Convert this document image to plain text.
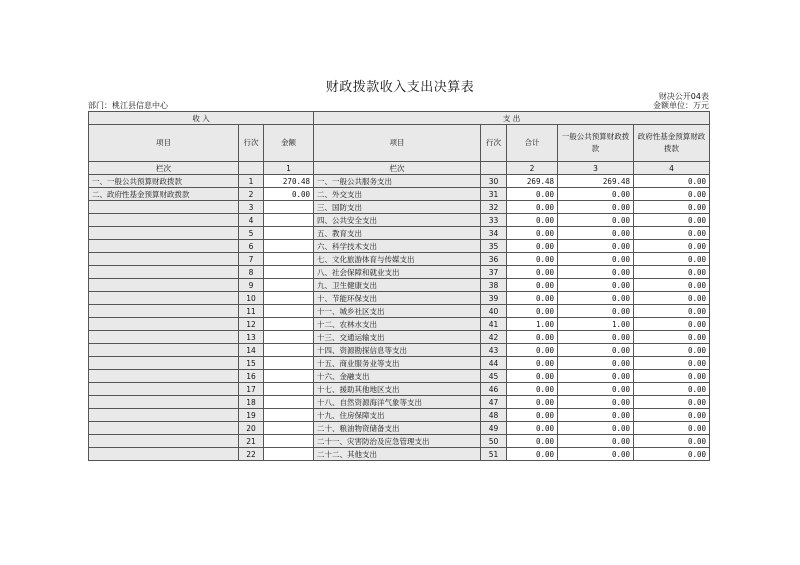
财政拨款收入支出决算表
财决公开04表
部门：桃江县信息中心	金额单位：万元
收 入			支 出				
项目	行次	金额	项目	行次	合计	一般公共预算财政拨款	政府性基金预算财政拨款
栏次		1	栏次		2	3	4
一、一般公共预算财政拨款	1	270.48	一、一般公共服务支出	30	269.48	269.48	0.00
二、政府性基金预算财政拨款	2	0.00	二、外交支出	31	0.00	0.00	0.00
	3		三、国防支出	32	0.00	0.00	0.00
	4		四、公共安全支出	33	0.00	0.00	0.00
	5		五、教育支出	34	0.00	0.00	0.00
	6		六、科学技术支出	35	0.00	0.00	0.00
	7		七、文化旅游体育与传媒支出	36	0.00	0.00	0.00
	8		八、社会保障和就业支出	37	0.00	0.00	0.00
	9		九、卫生健康支出	38	0.00	0.00	0.00
	10		十、节能环保支出	39	0.00	0.00	0.00
	11		十一、城乡社区支出	40	0.00	0.00	0.00
	12		十二、农林水支出	41	1.00	1.00	0.00
	13		十三、交通运输支出	42	0.00	0.00	0.00
	14		十四、资源勘探信息等支出	43	0.00	0.00	0.00
	15		十五、商业服务业等支出	44	0.00	0.00	0.00
	16		十六、金融支出	45	0.00	0.00	0.00
	17		十七、援助其他地区支出	46	0.00	0.00	0.00
	18		十八、自然资源海洋气象等支出	47	0.00	0.00	0.00
	19		十九、住房保障支出	48	0.00	0.00	0.00
	20		二十、粮油物资储备支出	49	0.00	0.00	0.00
	21		二十一、灾害防治及应急管理支出	50	0.00	0.00	0.00
	22		二十二、其他支出	51	0.00	0.00	0.00
